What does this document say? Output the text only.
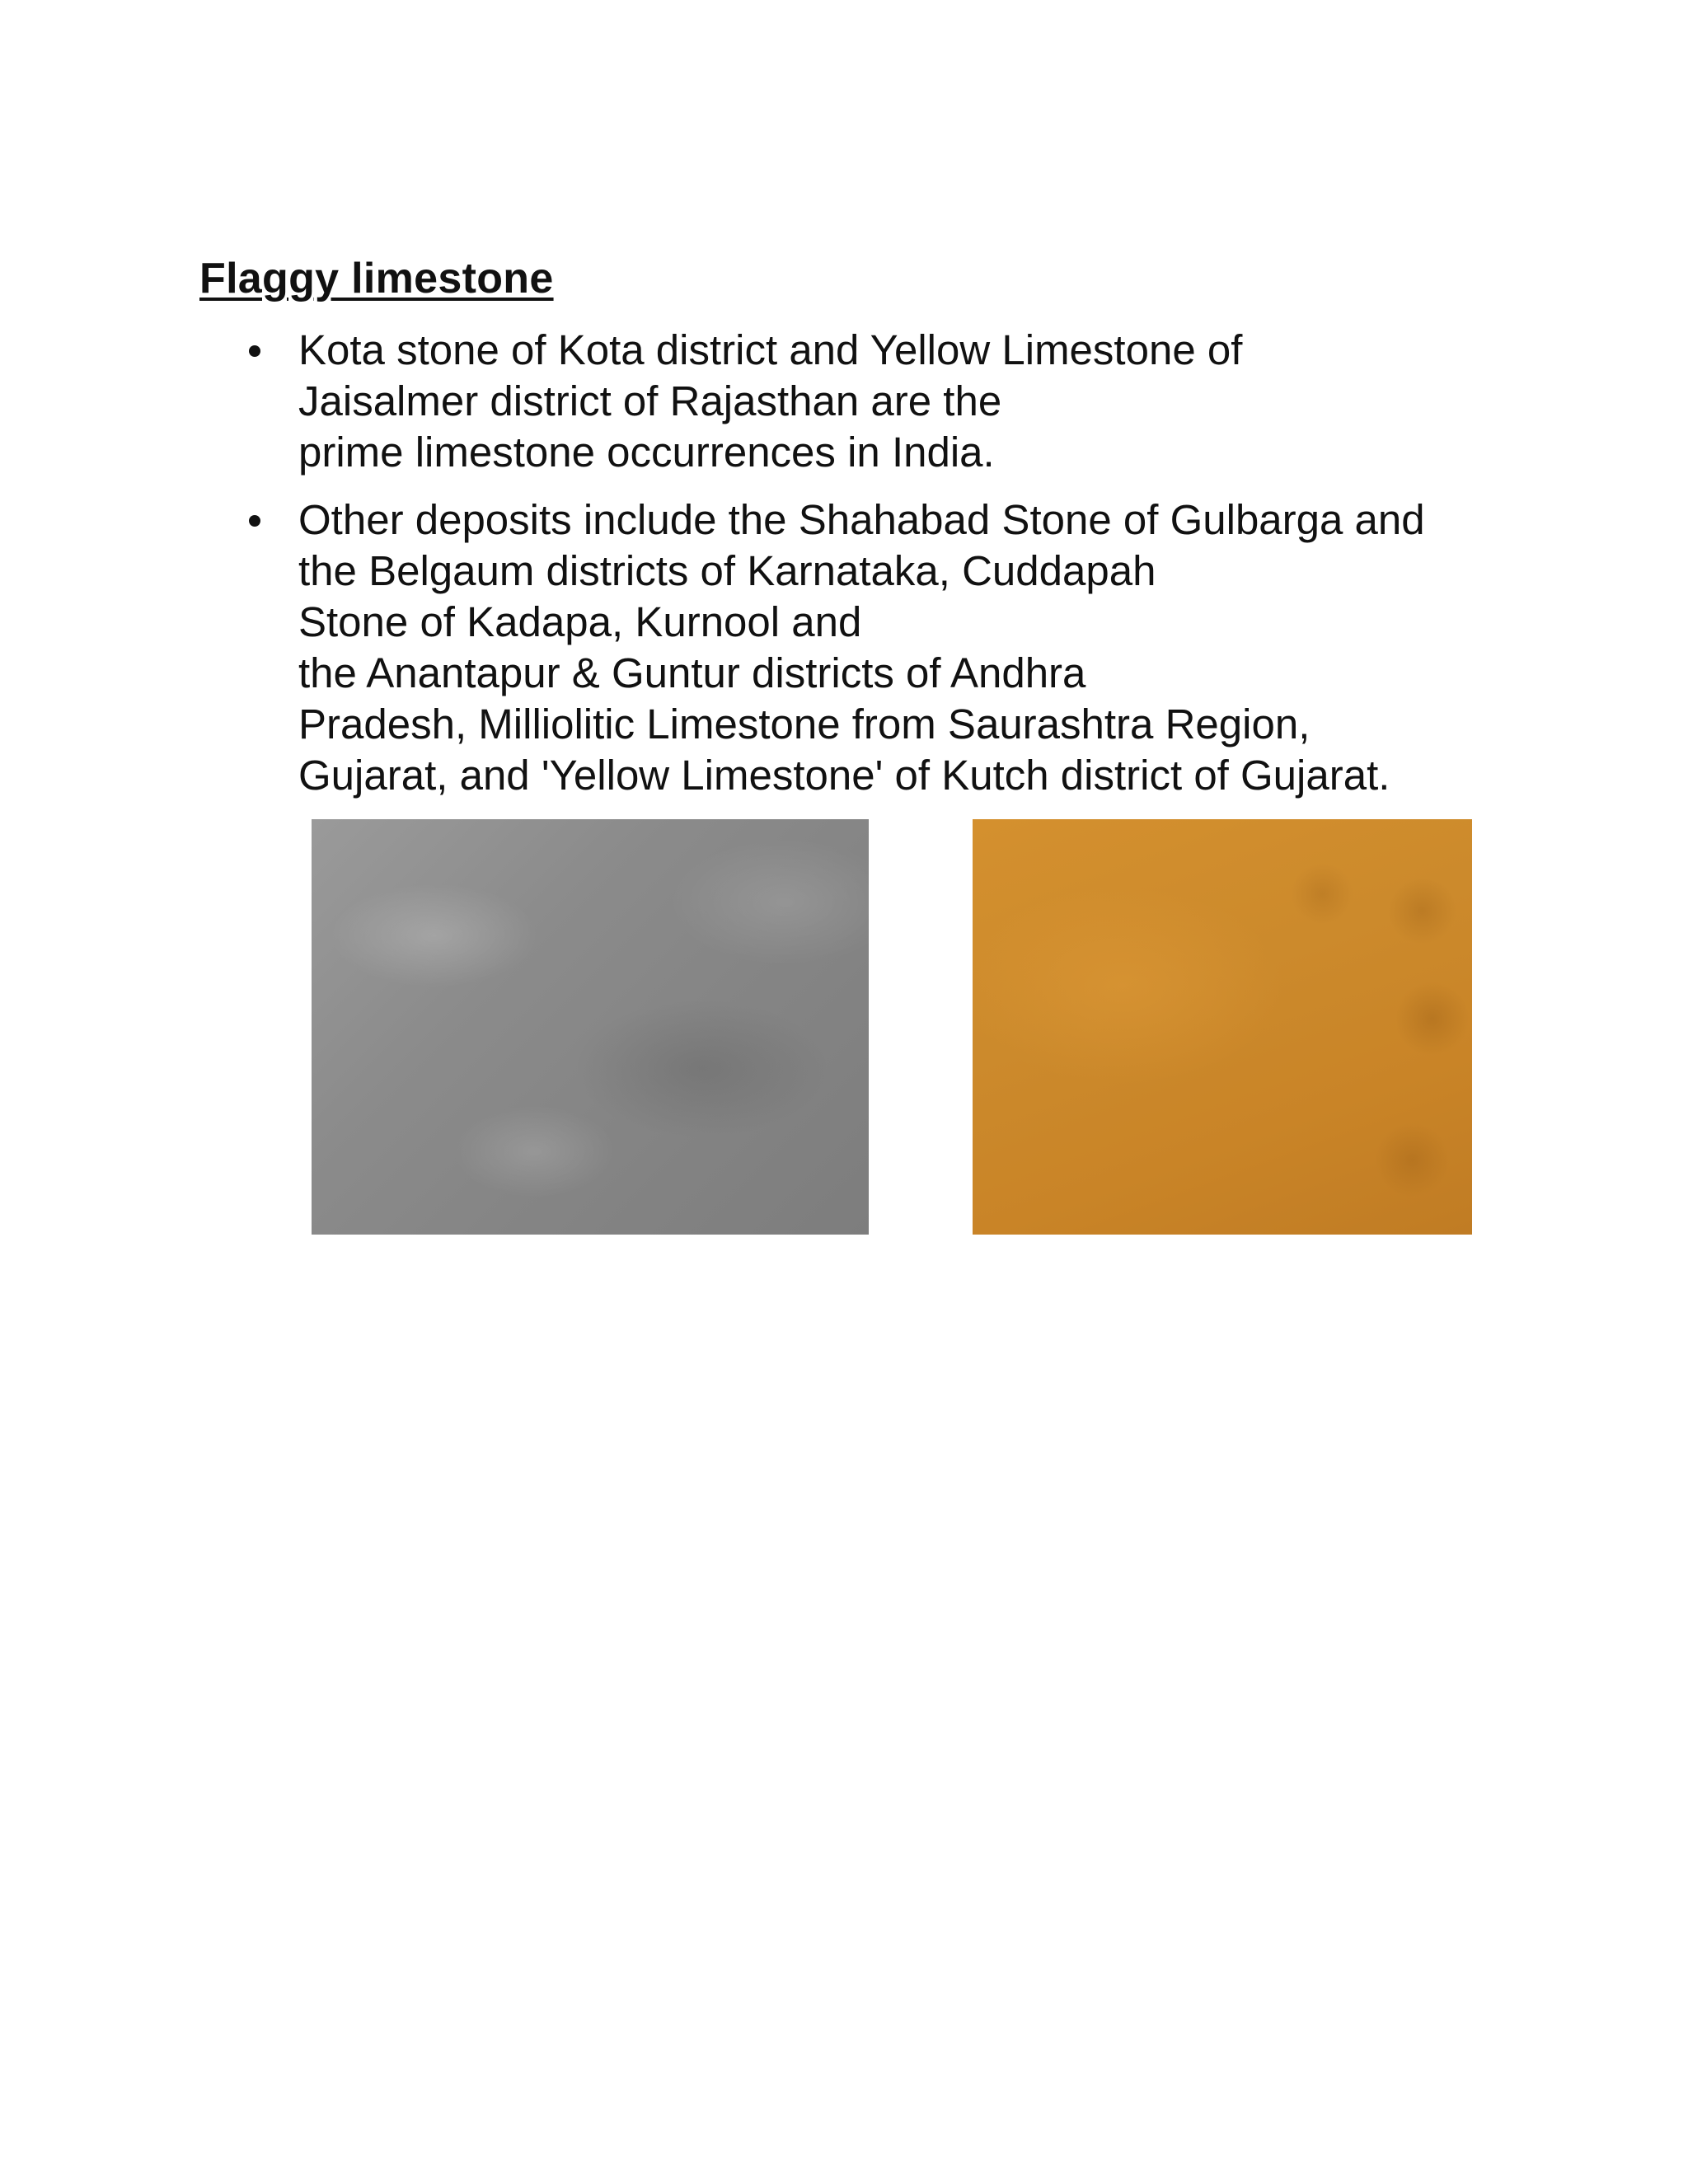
Flaggy limestone
Kota stone of Kota district and Yellow Limestone of
Jaisalmer district of Rajasthan are the
prime limestone occurrences in India.
Other deposits include the Shahabad Stone of Gulbarga and
the Belgaum districts of Karnataka, Cuddapah
Stone of Kadapa, Kurnool and
the Anantapur & Guntur districts of Andhra
Pradesh, Milliolitic Limestone from Saurashtra Region,
Gujarat, and 'Yellow Limestone' of Kutch district of Gujarat.
